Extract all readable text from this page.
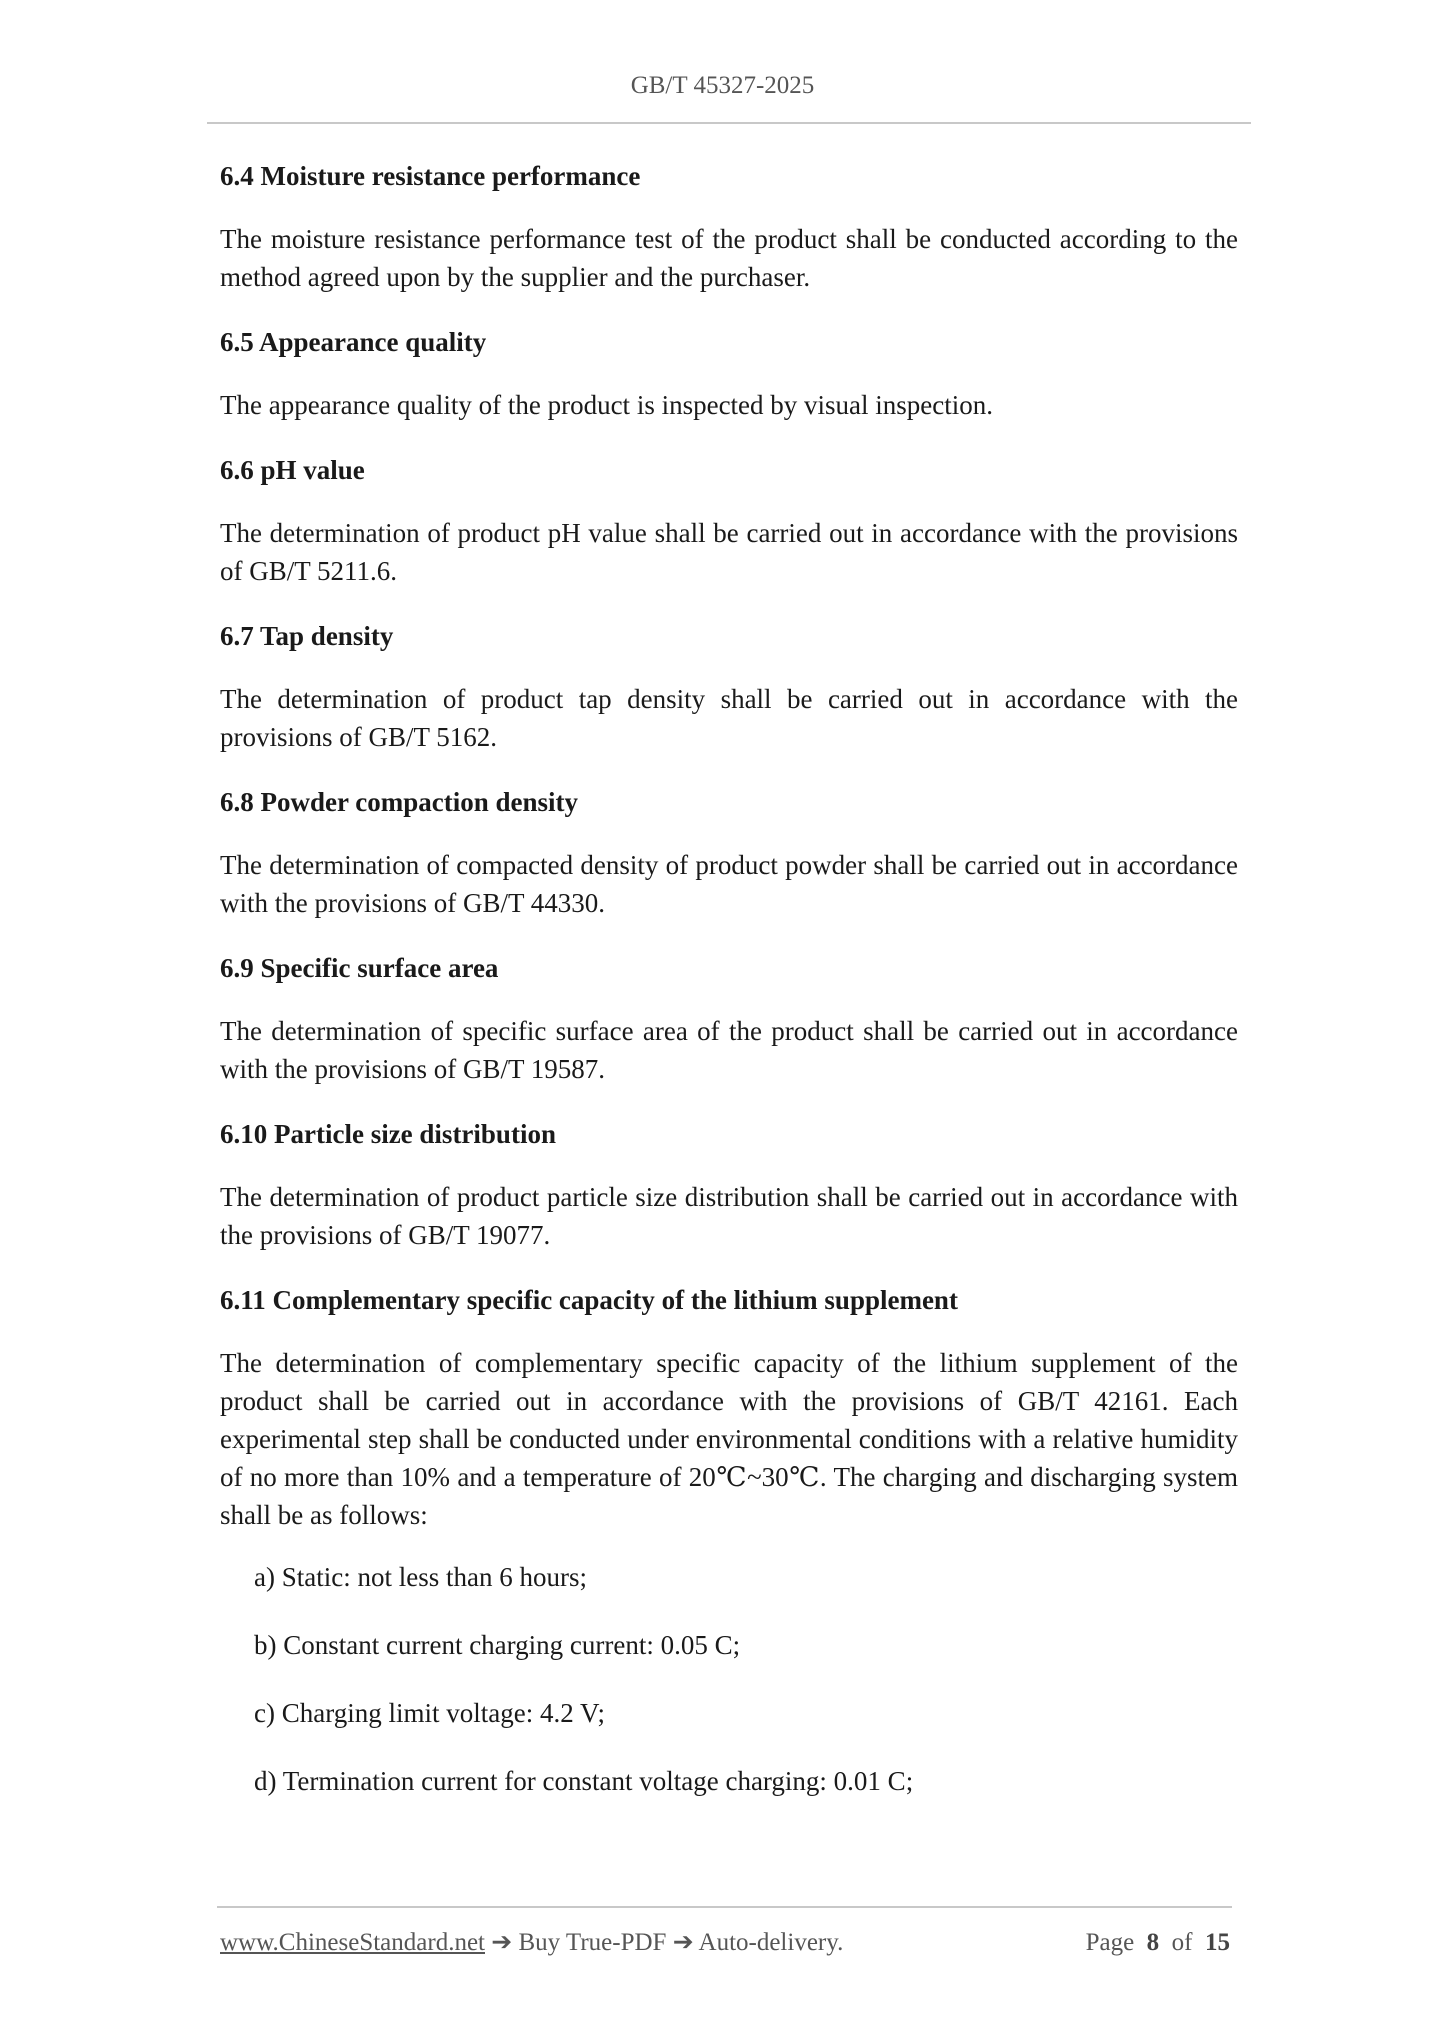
GB/T 45327-2025
6.4 Moisture resistance performance

The moisture resistance performance test of the product shall be conducted according to the method agreed upon by the supplier and the purchaser.

6.5 Appearance quality

The appearance quality of the product is inspected by visual inspection.

6.6 pH value

The determination of product pH value shall be carried out in accordance with the provisions of GB/T 5211.6.

6.7 Tap density

The determination of product tap density shall be carried out in accordance with the provisions of GB/T 5162.

6.8 Powder compaction density

The determination of compacted density of product powder shall be carried out in accordance with the provisions of GB/T 44330.

6.9 Specific surface area

The determination of specific surface area of the product shall be carried out in accordance with the provisions of GB/T 19587.

6.10 Particle size distribution

The determination of product particle size distribution shall be carried out in accordance with the provisions of GB/T 19077.

6.11 Complementary specific capacity of the lithium supplement

The determination of complementary specific capacity of the lithium supplement of the product shall be carried out in accordance with the provisions of GB/T 42161. Each experimental step shall be conducted under environmental conditions with a relative humidity of no more than 10% and a temperature of 20℃~30℃. The charging and discharging system shall be as follows:

a) Static: not less than 6 hours;
b) Constant current charging current: 0.05 C;
c) Charging limit voltage: 4.2 V;
d) Termination current for constant voltage charging: 0.01 C;
www.ChineseStandard.net ➔ Buy True-PDF ➔ Auto-delivery.	Page 8 of 15
